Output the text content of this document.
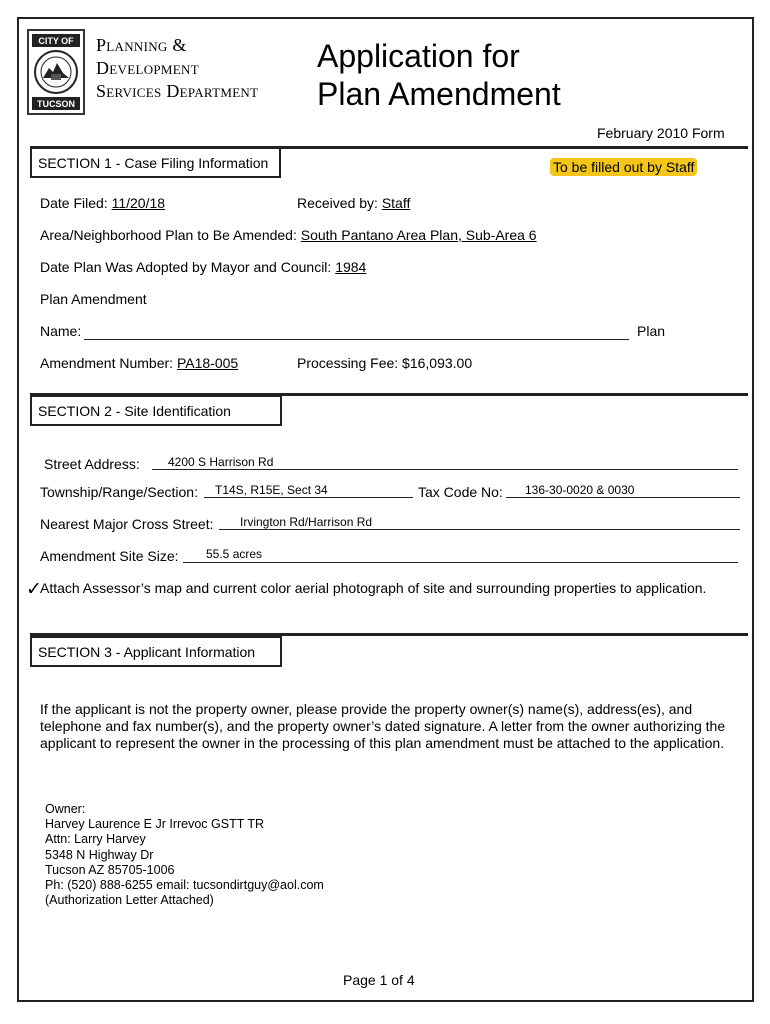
CITY OF
TUCSON
Planning &
Development
Services Department
Application for
Plan Amendment
February 2010 Form
SECTION 1 - Case Filing Information	To be filled out by Staff
Date Filed: 11/20/18	Received by: Staff
Area/Neighborhood Plan to Be Amended: South Pantano Area Plan, Sub-Area 6
Date Plan Was Adopted by Mayor and Council: 1984
Plan Amendment
Name:	Plan
Amendment Number: PA18-005	Processing Fee: $16,093.00
SECTION 2 - Site Identification
Street Address: 4200 S Harrison Rd
Township/Range/Section: T14S, R15E, Sect 34	Tax Code No: 136-30-0020 & 0030
Nearest Major Cross Street: Irvington Rd/Harrison Rd
Amendment Site Size: 55.5 acres
✓
Attach Assessor’s map and current color aerial photograph of site and surrounding properties to application.
SECTION 3 - Applicant Information
If the applicant is not the property owner, please provide the property owner(s) name(s), address(es), and telephone and fax number(s), and the property owner’s dated signature. A letter from the owner authorizing the applicant to represent the owner in the processing of this plan amendment must be attached to the application.
Owner:
Harvey Laurence E Jr Irrevoc GSTT TR
Attn: Larry Harvey
5348 N Highway Dr
Tucson AZ 85705-1006
Ph: (520) 888-6255 email: tucsondirtguy@aol.com
(Authorization Letter Attached)
Page 1 of 4
